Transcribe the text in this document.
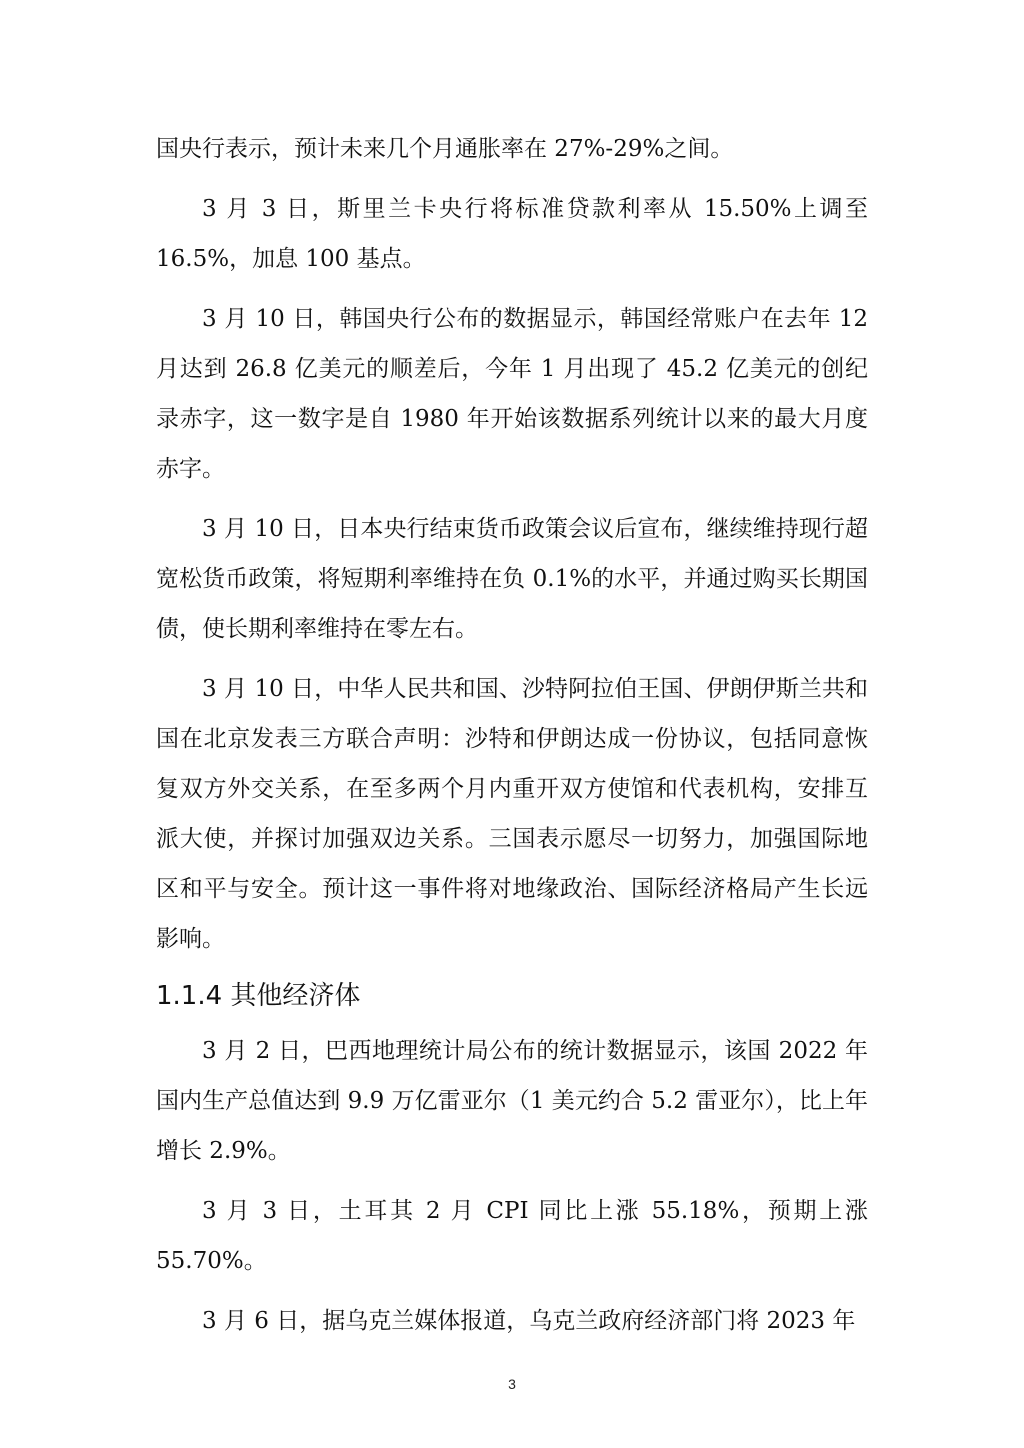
国央行表示，预计未来几个月通胀率在 27%-29%之间。

3 月 3 日，斯里兰卡央行将标准贷款利率从 15.50%上调至 16.5%，加息 100 基点。

3 月 10 日，韩国央行公布的数据显示，韩国经常账户在去年 12 月达到 26.8 亿美元的顺差后，今年 1 月出现了 45.2 亿美元的创纪录赤字，这一数字是自 1980 年开始该数据系列统计以来的最大月度赤字。

3 月 10 日，日本央行结束货币政策会议后宣布，继续维持现行超宽松货币政策，将短期利率维持在负 0.1%的水平，并通过购买长期国债，使长期利率维持在零左右。

3 月 10 日，中华人民共和国、沙特阿拉伯王国、伊朗伊斯兰共和国在北京发表三方联合声明：沙特和伊朗达成一份协议，包括同意恢复双方外交关系，在至多两个月内重开双方使馆和代表机构，安排互派大使，并探讨加强双边关系。三国表示愿尽一切努力，加强国际地区和平与安全。预计这一事件将对地缘政治、国际经济格局产生长远影响。

1.1.4 其他经济体

3 月 2 日，巴西地理统计局公布的统计数据显示，该国 2022 年国内生产总值达到 9.9 万亿雷亚尔（1 美元约合 5.2 雷亚尔），比上年增长 2.9%。

3 月 3 日，土耳其 2 月 CPI 同比上涨 55.18%，预期上涨 55.70%。

3 月 6 日，据乌克兰媒体报道，乌克兰政府经济部门将 2023 年

3
